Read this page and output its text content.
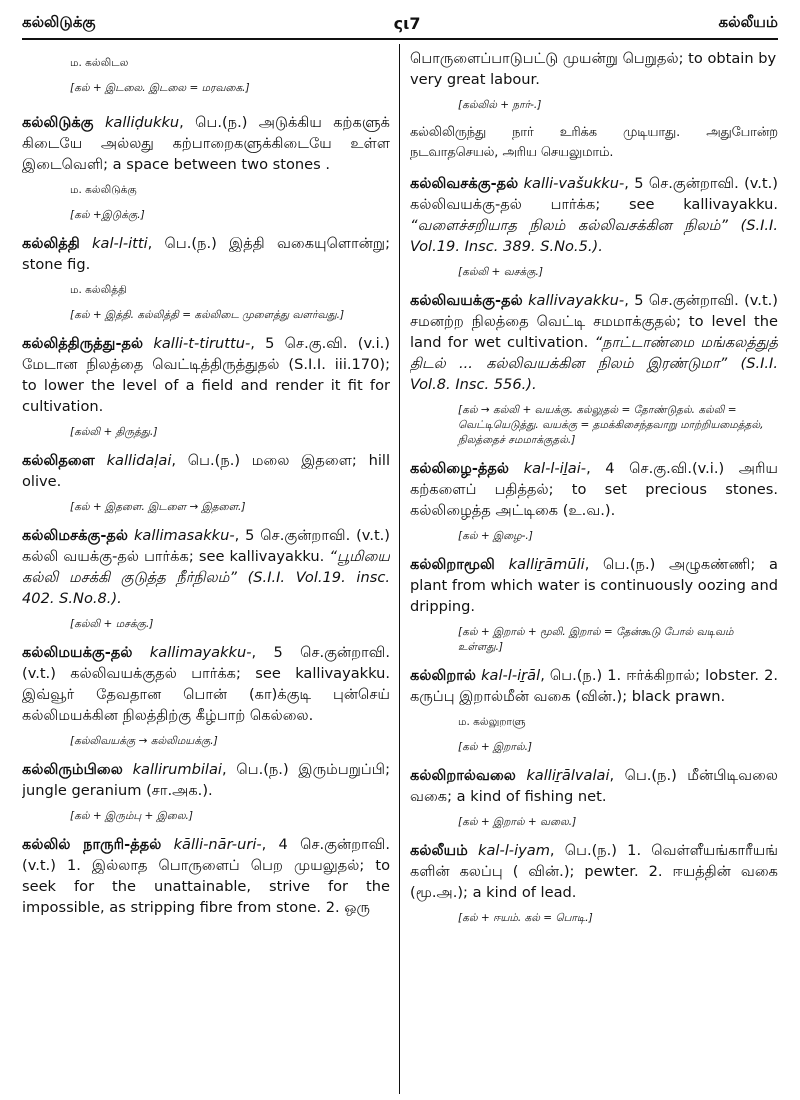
கல்லிடுக்கு	ςι7	கல்லீயம்
ம. கல்லிடல
[கல் + இடலை. இடலை = மரவகை.]
கல்லிடுக்கு kalliḍukku, பெ.(ந.) அடுக்கிய கற்களுக் கிடையே அல்லது கற்பாறைகளுக்கிடையே உள்ள இடைவெளி; a space between two stones .
ம. கல்லிடுக்கு
[கல் +இடுக்கு.]
கல்லித்தி kal-l-itti, பெ.(ந.) இத்தி வகையுளொன்று; stone fig.
ம. கல்லித்தி
[கல் + இத்தி. கல்லித்தி = கல்லிடை முளைத்து வளர்வது.]
கல்லித்திருத்து-தல் kalli-t-tiruttu-, 5 செ.கு.வி. (v.i.) மேடான நிலத்தை வெட்டித்திருத்துதல் (S.I.I. iii.170); to lower the level of a field and render it fit for cultivation.
[கல்லி + திருத்து.]
கல்லிதளை kallidaḷai, பெ.(ந.) மலை இதளை; hill olive.
[கல் + இதளை. இடளை → இதளை.]
கல்லிமசக்கு-தல் kallimasakku-, 5 செ.குன்றாவி. (v.t.) கல்லி வயக்கு-தல் பார்க்க; see kallivayakku. “பூமியை கல்லி மசக்கி குடுத்த நீர்நிலம்” (S.I.I. Vol.19. insc. 402. S.No.8.).
[கல்லி + மசக்கு.]
கல்லிமயக்கு-தல் kallimayakku-, 5 செ.குன்றாவி. (v.t.) கல்லிவயக்குதல் பார்க்க; see kallivayakku. இவ்வூர் தேவதான பொன் (கா)க்குடி புன்செய் கல்லிமயக்கின நிலத்திற்கு கீழ்பாற் கெல்லை.
[கல்லிவயக்கு → கல்லிமயக்கு.]
கல்லிரும்பிலை kallirumbilai, பெ.(ந.) இரும்பறுப்பி; jungle geranium (சா.அக.).
[கல் + இரும்பு + இலை.]
கல்லில் நாருரி-த்தல் kālli-nār-uri-, 4 செ.குன்றாவி. (v.t.) 1. இல்லாத பொருளைப் பெற முயலுதல்; to seek for the unattainable, strive for the impossible, as stripping fibre from stone. 2. ஒரு
பொருளைப்பாடுபட்டு முயன்று பெறுதல்; to obtain by very great labour.
[கல்லில் + நார்-.]
கல்லிலிருந்து நார் உரிக்க முடியாது. அதுபோன்ற நடவாதசெயல், அரிய செயலுமாம்.
கல்லிவசக்கு-தல் kalli-vašukku-, 5 செ.குன்றாவி. (v.t.) கல்லிவயக்கு-தல் பார்க்க; see kallivayakku. “வளைச்சறியாத நிலம் கல்லிவசக்கின நிலம்” (S.I.I. Vol.19. Insc. 389. S.No.5.).
[கல்லி + வசக்கு.]
கல்லிவயக்கு-தல் kallivayakku-, 5 செ.குன்றாவி. (v.t.) சமனற்ற நிலத்தை வெட்டி சமமாக்குதல்; to level the land for wet cultivation. “நாட்டாண்மை மங்கலத்துத் திடல் ... கல்லிவயக்கின நிலம் இரண்டுமா” (S.I.I. Vol.8. Insc. 556.).
[கல் → கல்லி + வயக்கு. கல்லுதல் = தோண்டுதல். கல்லி = வெட்டியெடுத்து. வயக்கு = தமக்கிசைந்தவாறு மாற்றியமைத்தல், நிலத்தைச் சமமாக்குதல்.]
கல்லிழை-த்தல் kal-l-iḻai-, 4 செ.கு.வி.(v.i.) அரிய கற்களைப் பதித்தல்; to set precious stones. கல்லிழைத்த அட்டிகை (உ.வ.).
[கல் + இழை-.]
கல்லிறாமூலி kalliṟāmūli, பெ.(ந.) அழுகண்ணி; a plant from which water is continuously oozing and dripping.
[கல் + இறால் + மூலி. இறால் = தேன்கூடு போல் வடிவம் உள்ளது.]
கல்லிறால் kal-l-iṟāl, பெ.(ந.) 1. ஈர்க்கிறால்; lobster. 2. கருப்பு இறால்மீன் வகை (வின்.); black prawn.
ம. கல்லுறாளு
[கல் + இறால்.]
கல்லிறால்வலை kalliṟālvalai, பெ.(ந.) மீன்பிடிவலை வகை; a kind of fishing net.
[கல் + இறால் + வலை.]
கல்லீயம் kal-l-iyam, பெ.(ந.) 1. வெள்ளீயங்காரீயங் களின் கலப்பு ( வின்.); pewter. 2. ஈயத்தின் வகை (மூ.அ.); a kind of lead.
[கல் + ஈயம். கல் = பொடி.]
